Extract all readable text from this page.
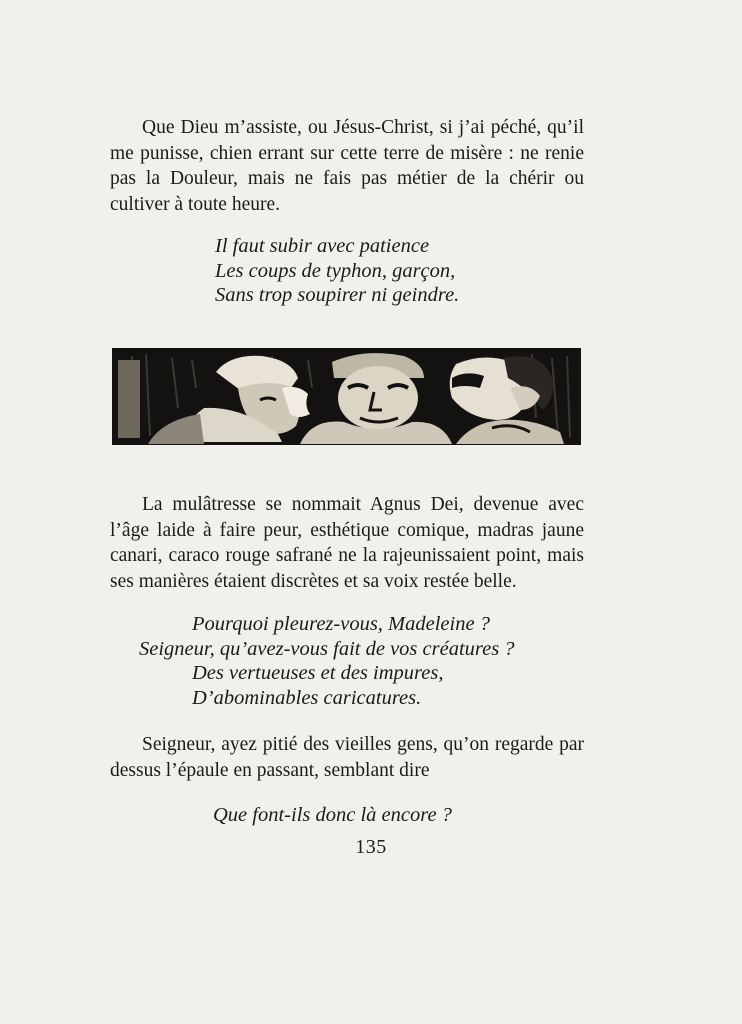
Que Dieu m’assiste, ou Jésus-Christ, si j’ai péché, qu’il me punisse, chien errant sur cette terre de misère : ne renie pas la Douleur, mais ne fais pas métier de la chérir ou cultiver à toute heure.

Il faut subir avec patience
Les coups de typhon, garçon,
Sans trop soupirer ni geindre.

La mulâtresse se nommait Agnus Dei, devenue avec l’âge laide à faire peur, esthétique comique, madras jaune canari, caraco rouge safrané ne la rajeunissaient point, mais ses manières étaient discrètes et sa voix restée belle.

Pourquoi pleurez-vous, Madeleine ?
Seigneur, qu’avez-vous fait de vos créatures ?
Des vertueuses et des impures,
D’abominables caricatures.

Seigneur, ayez pitié des vieilles gens, qu’on regarde par dessus l’épaule en passant, semblant dire

Que font-ils donc là encore ?
135
